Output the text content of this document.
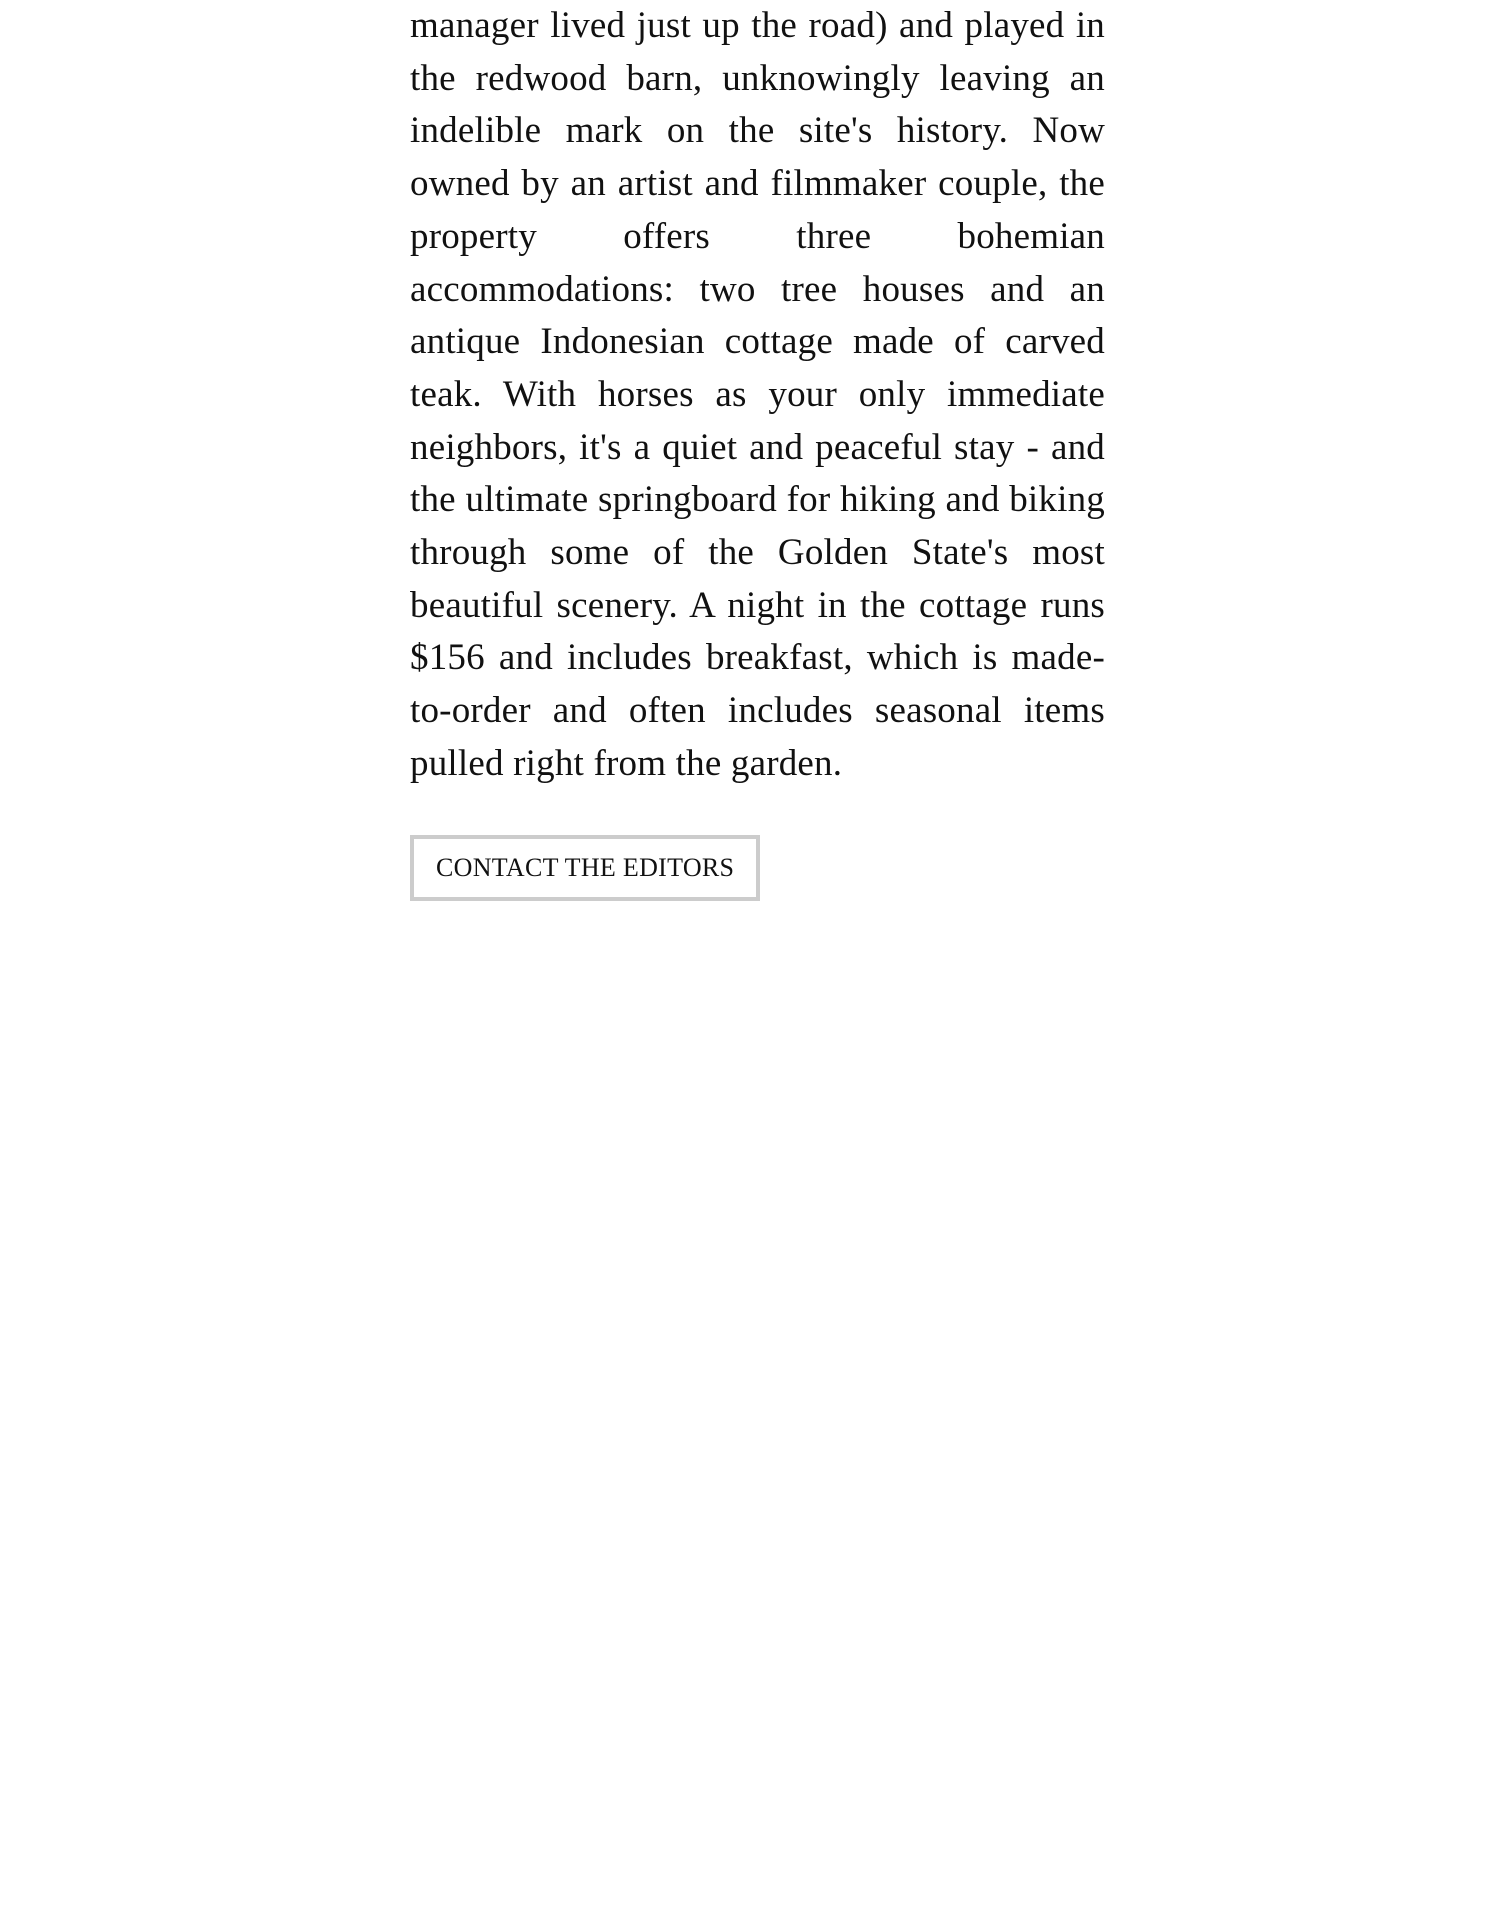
manager lived just up the road) and played in the redwood barn, unknowingly leaving an indelible mark on the site's history. Now owned by an artist and filmmaker couple, the property offers three bohemian accommodations: two tree houses and an antique Indonesian cottage made of carved teak. With horses as your only immediate neighbors, it's a quiet and peaceful stay - and the ultimate springboard for hiking and biking through some of the Golden State's most beautiful scenery. A night in the cottage runs $156 and includes breakfast, which is made-to-order and often includes seasonal items pulled right from the garden.

CONTACT THE EDITORS
